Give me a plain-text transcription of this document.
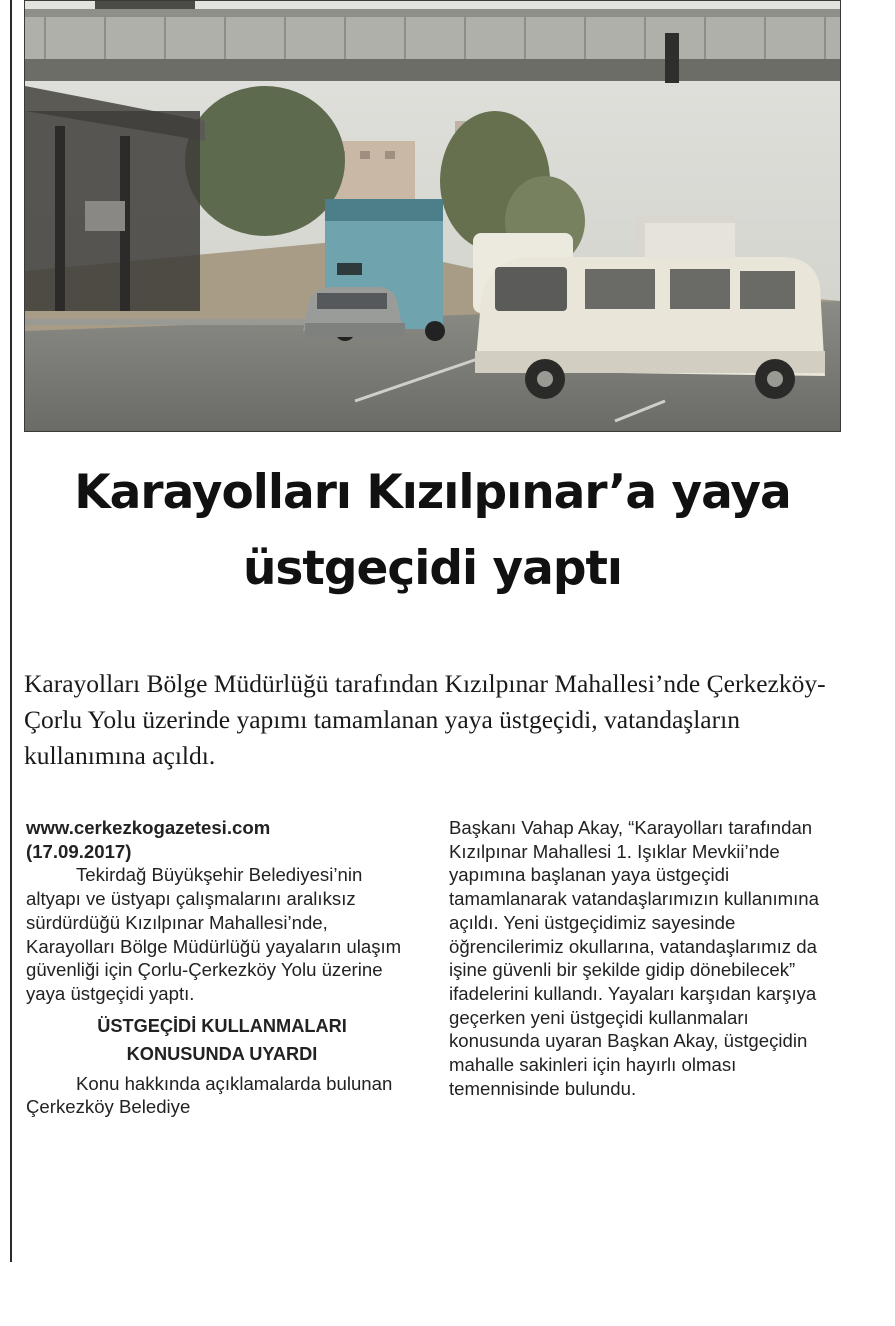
Karayolları Kızılpınar’a yaya
üstgeçidi yaptı

Karayolları Bölge Müdürlüğü tarafından Kızılpınar Mahallesi’nde Çerkezköy-Çorlu Yolu üzerinde yapımı tamamlanan yaya üstgeçidi, vatandaşların kullanımına açıldı.

www.cerkezkogazetesi.com
(17.09.2017)

Tekirdağ Büyükşehir Belediyesi’nin altyapı ve üstyapı çalışmalarını aralıksız sürdürdüğü Kızılpınar Mahallesi’nde, Karayolları Bölge Müdürlüğü yayaların ulaşım güvenliği için Çorlu-Çerkezköy Yolu üzerine yaya üstgeçidi yaptı.

ÜSTGEÇİDİ KULLANMALARI
KONUSUNDA UYARDI

Konu hakkında açıklamalarda bulunan Çerkezköy Belediye

Başkanı Vahap Akay, “Karayolları tarafından Kızılpınar Mahallesi 1. Işıklar Mevkii’nde yapımına başlanan yaya üstgeçidi tamamlanarak vatandaşlarımızın kullanımına açıldı. Yeni üstgeçidimiz sayesinde öğrencilerimiz okullarına, vatandaşlarımız da işine güvenli bir şekilde gidip dönebilecek” ifadelerini kullandı. Yayaları karşıdan karşıya geçerken yeni üstgeçidi kullanmaları konusunda uyaran Başkan Akay, üstgeçidin mahalle sakinleri için hayırlı olması temennisinde bulundu.
